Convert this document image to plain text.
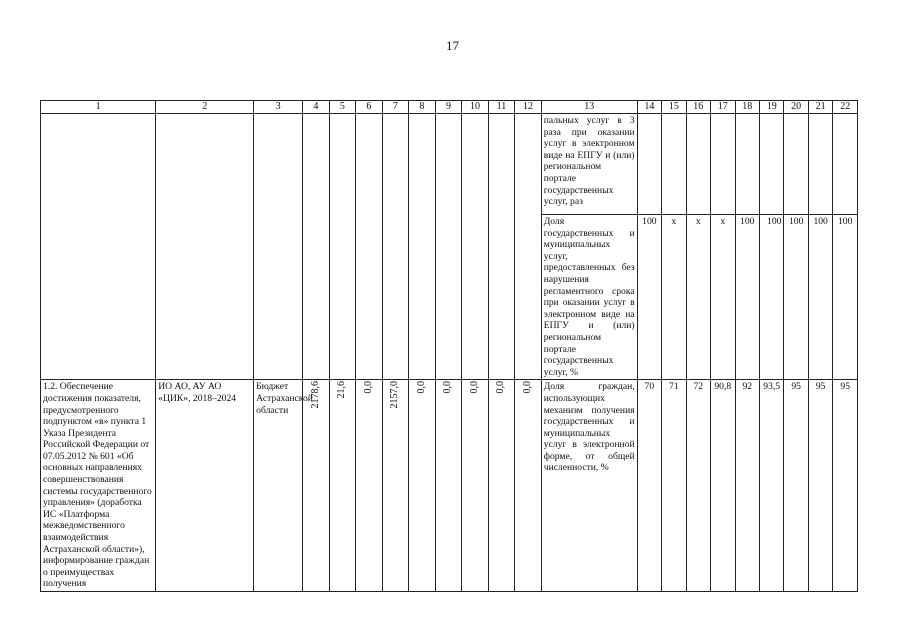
17
1	2	3	4	5	6	7	8	9	10	11	12	13	14	15	16	17	18	19	20	21	22
												пальных услуг в 3 раза при оказании услуг в электронном виде на ЕПГУ и (или) региональном портале государственных услуг, раз									
												Доля государственных и муниципальных услуг, предоставленных без нарушения регламентного срока при оказании услуг в электронном виде на ЕПГУ и (или) региональном портале государственных услуг, %	100	х	х	х	100	100	100	100	100
1.2. Обеспечение достижения показателя, предусмотренного подпунктом «в» пункта 1 Указа Президента Российской Федерации от 07.05.2012 № 601 «Об основных направлениях совершенствования системы государственного управления» (доработка ИС «Платформа межведомственного взаимодействия Астраханской области»), информирование граждан о преимуществах получения	ИО АО, АУ АО «ЦИК», 2018–2024	Бюджет Астраханской области	2178,6	21,6	0,0	2157,0	0,0	0,0	0,0	0,0	0,0	Доля граждан, использующих механизм получения государственных и муниципальных услуг в электронной форме, от общей численности, %	70	71	72	90,8	92	93,5	95	95	95
